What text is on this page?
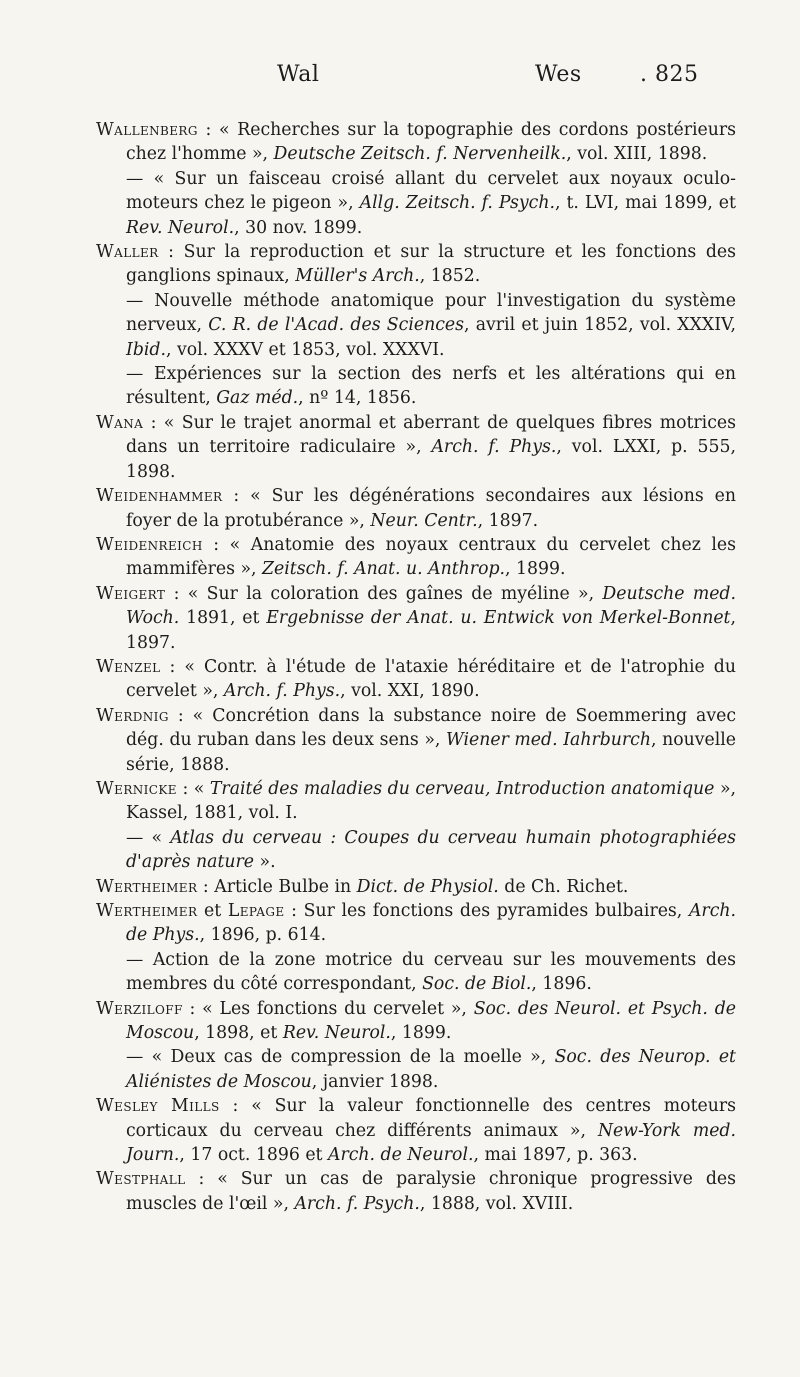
Wal	Wes	. 825

Wallenberg : « Recherches sur la topographie des cordons postérieurs chez l'homme », Deutsche Zeitsch. f. Nervenheilk., vol. XIII, 1898.

— « Sur un faisceau croisé allant du cervelet aux noyaux oculo-moteurs chez le pigeon », Allg. Zeitsch. f. Psych., t. LVI, mai 1899, et Rev. Neurol., 30 nov. 1899.

Waller : Sur la reproduction et sur la structure et les fonctions des ganglions spinaux, Müller's Arch., 1852.

— Nouvelle méthode anatomique pour l'investigation du système nerveux, C. R. de l'Acad. des Sciences, avril et juin 1852, vol. XXXIV, Ibid., vol. XXXV et 1853, vol. XXXVI.

— Expériences sur la section des nerfs et les altérations qui en résultent, Gaz méd., nº 14, 1856.

Wana : « Sur le trajet anormal et aberrant de quelques fibres motrices dans un territoire radiculaire », Arch. f. Phys., vol. LXXI, p. 555, 1898.

Weidenhammer : « Sur les dégénérations secondaires aux lésions en foyer de la protubérance », Neur. Centr., 1897.

Weidenreich : « Anatomie des noyaux centraux du cervelet chez les mammifères », Zeitsch. f. Anat. u. Anthrop., 1899.

Weigert : « Sur la coloration des gaînes de myéline », Deutsche med. Woch. 1891, et Ergebnisse der Anat. u. Entwick von Merkel-Bonnet, 1897.

Wenzel : « Contr. à l'étude de l'ataxie héréditaire et de l'atrophie du cervelet », Arch. f. Phys., vol. XXI, 1890.

Werdnig : « Concrétion dans la substance noire de Soemmering avec dég. du ruban dans les deux sens », Wiener med. Iahrburch, nouvelle série, 1888.

Wernicke : « Traité des maladies du cerveau, Introduction anatomique », Kassel, 1881, vol. I.

— « Atlas du cerveau : Coupes du cerveau humain photographiées d'après nature ».

Wertheimer : Article Bulbe in Dict. de Physiol. de Ch. Richet.

Wertheimer et Lepage : Sur les fonctions des pyramides bulbaires, Arch. de Phys., 1896, p. 614.

— Action de la zone motrice du cerveau sur les mouvements des membres du côté correspondant, Soc. de Biol., 1896.

Werziloff : « Les fonctions du cervelet », Soc. des Neurol. et Psych. de Moscou, 1898, et Rev. Neurol., 1899.

— « Deux cas de compression de la moelle », Soc. des Neurop. et Aliénistes de Moscou, janvier 1898.

Wesley Mills : « Sur la valeur fonctionnelle des centres moteurs corticaux du cerveau chez différents animaux », New-York med. Journ., 17 oct. 1896 et Arch. de Neurol., mai 1897, p. 363.

Westphall : « Sur un cas de paralysie chronique progressive des muscles de l'œil », Arch. f. Psych., 1888, vol. XVIII.
